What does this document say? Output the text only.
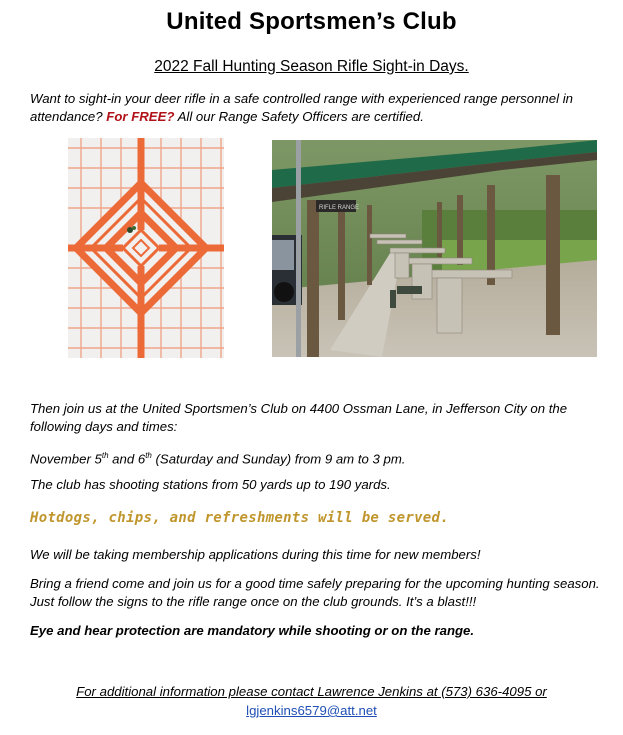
United Sportsmen’s Club
2022 Fall Hunting Season Rifle Sight-in Days.
Want to sight-in your deer rifle in a safe controlled range with experienced range personnel in attendance? For FREE? All our Range Safety Officers are certified.
RIFLE RANGE
Then join us at the United Sportsmen’s Club on 4400 Ossman Lane, in Jefferson City on the following days and times:
November 5th and 6th (Saturday and Sunday) from 9 am to 3 pm.
The club has shooting stations from 50 yards up to 190 yards.
Hotdogs, chips, and refreshments will be served.
We will be taking membership applications during this time for new members!
Bring a friend come and join us for a good time safely preparing for the upcoming hunting season. Just follow the signs to the rifle range once on the club grounds. It’s a blast!!!
Eye and hear protection are mandatory while shooting or on the range.
For additional information please contact Lawrence Jenkins at (573) 636-4095 or
lgjenkins6579@att.net
